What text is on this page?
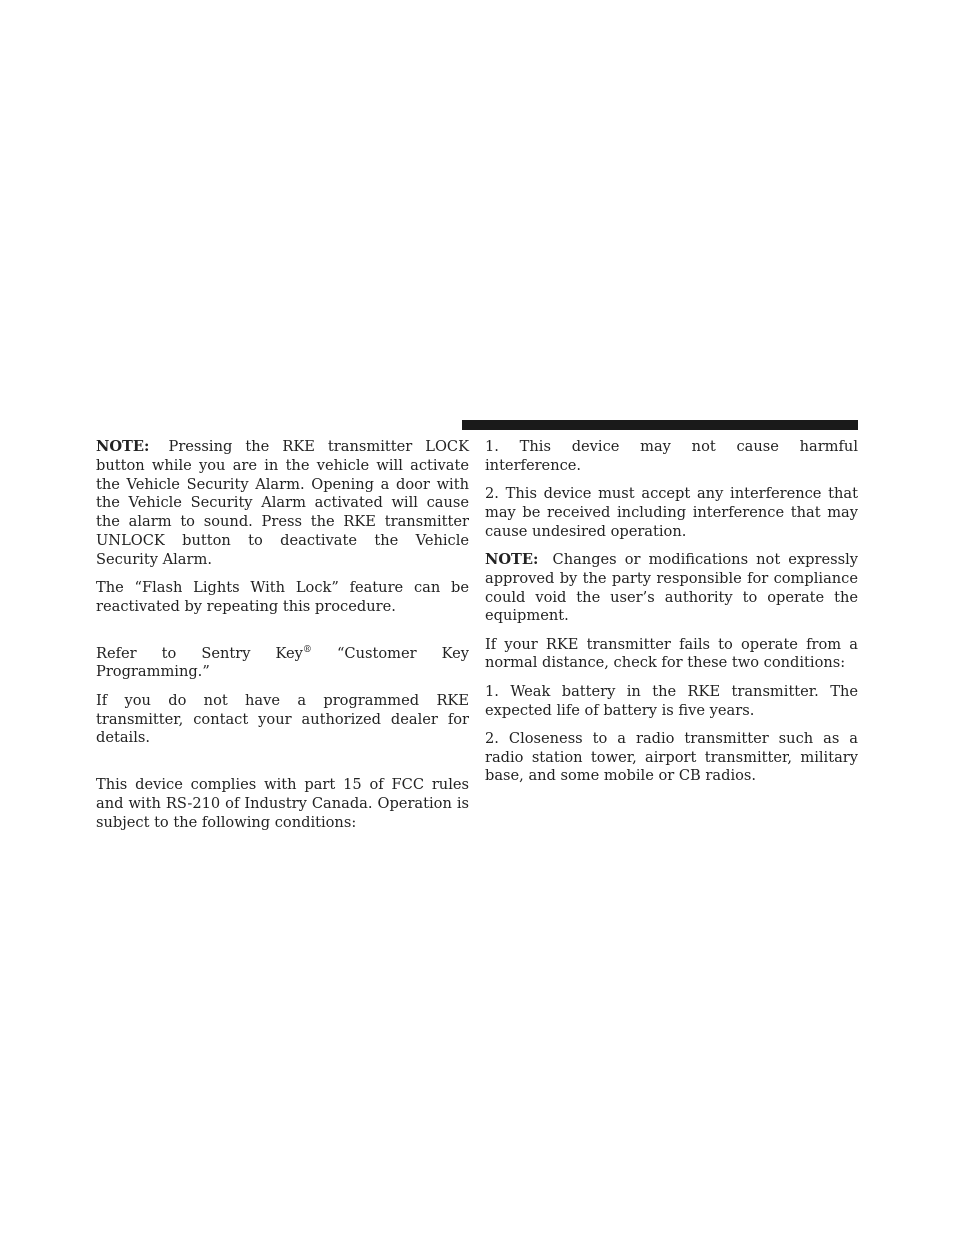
NOTE: Pressing the RKE transmitter LOCK button while you are in the vehicle will activate the Vehicle Security Alarm. Opening a door with the Vehicle Security Alarm activated will cause the alarm to sound. Press the RKE transmitter UNLOCK button to deactivate the Vehicle Security Alarm.

The “Flash Lights With Lock” feature can be reactivated by repeating this procedure.

Refer to Sentry Key® “Customer Key Programming.”

If you do not have a programmed RKE transmitter, contact your authorized dealer for details.

This device complies with part 15 of FCC rules and with RS-210 of Industry Canada. Operation is subject to the following conditions:

1. This device may not cause harmful interference.

2. This device must accept any interference that may be received including interference that may cause undesired operation.

NOTE: Changes or modifications not expressly approved by the party responsible for compliance could void the user’s authority to operate the equipment.

If your RKE transmitter fails to operate from a normal distance, check for these two conditions:

1. Weak battery in the RKE transmitter. The expected life of battery is five years.

2. Closeness to a radio transmitter such as a radio station tower, airport transmitter, military base, and some mobile or CB radios.
